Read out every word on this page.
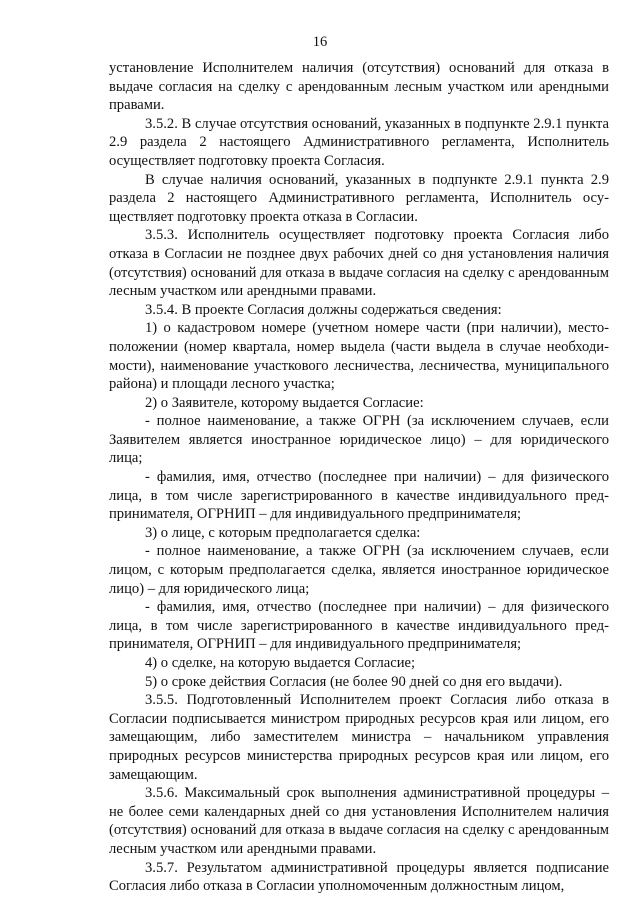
16

установление Исполнителем наличия (отсутствия) оснований для отказа в выдаче согласия на сделку с арендованным лесным участком или арендными правами.

3.5.2. В случае отсутствия оснований, указанных в подпункте 2.9.1 пункта 2.9 раздела 2 настоящего Административного регламента, Исполнитель осуществляет подготовку проекта Согласия.

В случае наличия оснований, указанных в подпункте 2.9.1 пункта 2.9 раздела 2 настоящего Административного регламента, Исполнитель осуществляет подготовку проекта отказа в Согласии.

3.5.3. Исполнитель осуществляет подготовку проекта Согласия либо отказа в Согласии не позднее двух рабочих дней со дня установления наличия (отсутствия) оснований для отказа в выдаче согласия на сделку с арендованным лесным участком или арендными правами.

3.5.4. В проекте Согласия должны содержаться сведения:

1) о кадастровом номере (учетном номере части (при наличии), местоположении (номер квартала, номер выдела (части выдела в случае необходимости), наименование участкового лесничества, лесничества, муниципального района) и площади лесного участка;

2) о Заявителе, которому выдается Согласие:

- полное наименование, а также ОГРН (за исключением случаев, если Заявителем является иностранное юридическое лицо) – для юридического лица;

- фамилия, имя, отчество (последнее при наличии) – для физического лица, в том числе зарегистрированного в качестве индивидуального предпринимателя, ОГРНИП – для индивидуального предпринимателя;

3) о лице, с которым предполагается сделка:

- полное наименование, а также ОГРН (за исключением случаев, если лицом, с которым предполагается сделка, является иностранное юридическое лицо) – для юридического лица;

- фамилия, имя, отчество (последнее при наличии) – для физического лица, в том числе зарегистрированного в качестве индивидуального предпринимателя, ОГРНИП – для индивидуального предпринимателя;

4) о сделке, на которую выдается Согласие;

5) о сроке действия Согласия (не более 90 дней со дня его выдачи).

3.5.5. Подготовленный Исполнителем проект Согласия либо отказа в Согласии подписывается министром природных ресурсов края или лицом, его замещающим, либо заместителем министра – начальником управления природных ресурсов министерства природных ресурсов края или лицом, его замещающим.

3.5.6. Максимальный срок выполнения административной процедуры – не более семи календарных дней со дня установления Исполнителем наличия (отсутствия) оснований для отказа в выдаче согласия на сделку с арендованным лесным участком или арендными правами.

3.5.7. Результатом административной процедуры является подписание Согласия либо отказа в Согласии уполномоченным должностным лицом,
